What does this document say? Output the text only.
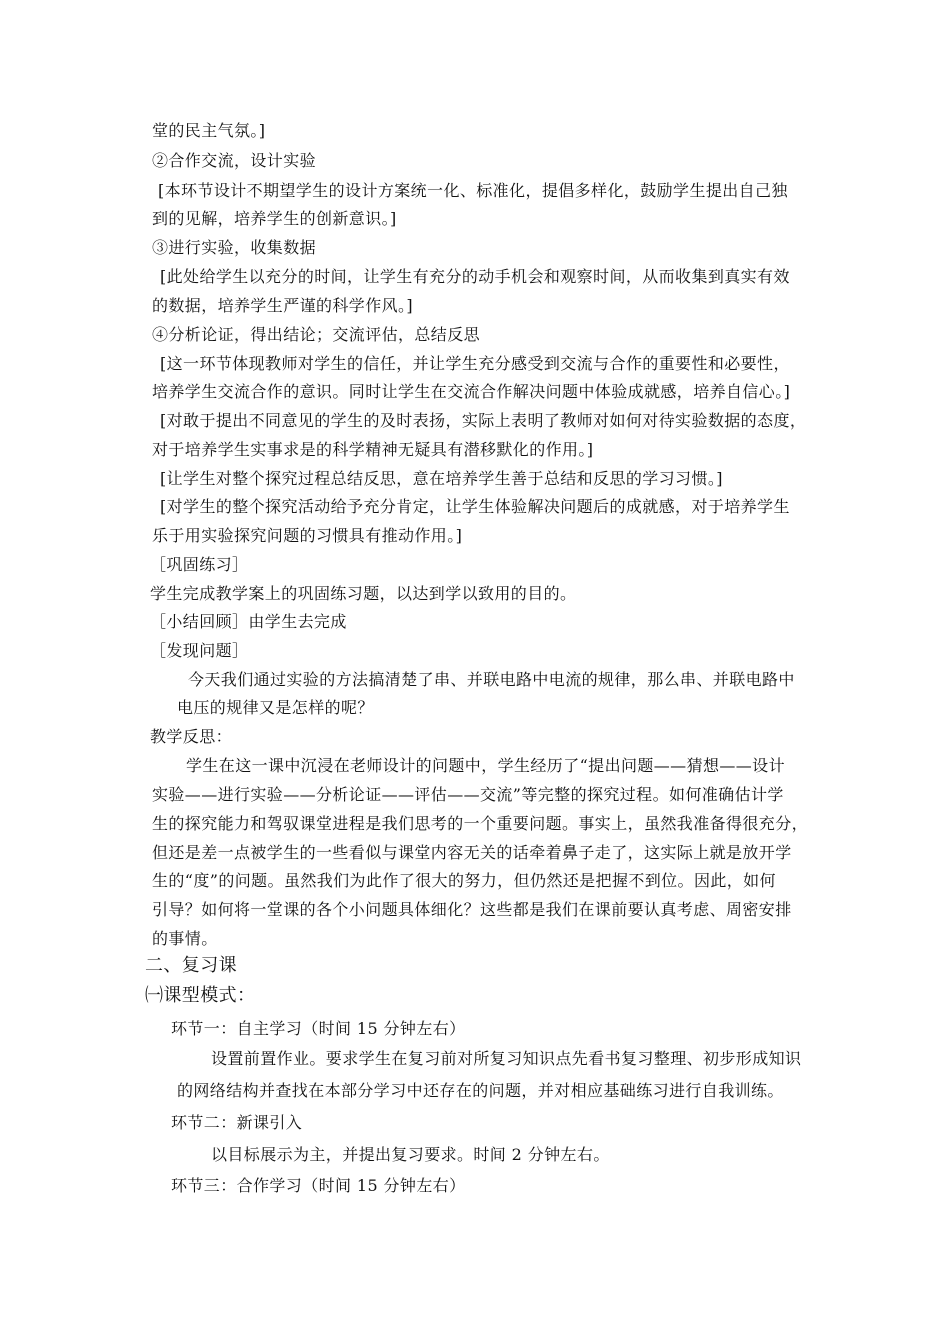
堂的民主气氛。]
②合作交流，设计实验
[本环节设计不期望学生的设计方案统一化、标准化，提倡多样化，鼓励学生提出自己独
到的见解，培养学生的创新意识。]
③进行实验，收集数据
[此处给学生以充分的时间，让学生有充分的动手机会和观察时间，从而收集到真实有效
的数据，培养学生严谨的科学作风。]
④分析论证，得出结论；交流评估，总结反思
[这一环节体现教师对学生的信任，并让学生充分感受到交流与合作的重要性和必要性，
培养学生交流合作的意识。同时让学生在交流合作解决问题中体验成就感，培养自信心。]
[对敢于提出不同意见的学生的及时表扬，实际上表明了教师对如何对待实验数据的态度，
对于培养学生实事求是的科学精神无疑具有潜移默化的作用。]
[让学生对整个探究过程总结反思，意在培养学生善于总结和反思的学习习惯。]
[对学生的整个探究活动给予充分肯定，让学生体验解决问题后的成就感，对于培养学生
乐于用实验探究问题的习惯具有推动作用。]
［巩固练习］
学生完成教学案上的巩固练习题，以达到学以致用的目的。
［小结回顾］由学生去完成
［发现问题］
今天我们通过实验的方法搞清楚了串、并联电路中电流的规律，那么串、并联电路中
电压的规律又是怎样的呢？
教学反思：
学生在这一课中沉浸在老师设计的问题中，学生经历了“提出问题——猜想——设计
实验——进行实验——分析论证——评估——交流”等完整的探究过程。如何准确估计学
生的探究能力和驾驭课堂进程是我们思考的一个重要问题。事实上，虽然我准备得很充分，
但还是差一点被学生的一些看似与课堂内容无关的话牵着鼻子走了，这实际上就是放开学
生的“度”的问题。虽然我们为此作了很大的努力，但仍然还是把握不到位。因此，如何
引导？如何将一堂课的各个小问题具体细化？这些都是我们在课前要认真考虑、周密安排
的事情。
二、复习课
㈠课型模式：
环节一：自主学习（时间 15 分钟左右）
设置前置作业。要求学生在复习前对所复习知识点先看书复习整理、初步形成知识
的网络结构并查找在本部分学习中还存在的问题，并对相应基础练习进行自我训练。
环节二：新课引入
以目标展示为主，并提出复习要求。时间 2 分钟左右。
环节三：合作学习（时间 15 分钟左右）
